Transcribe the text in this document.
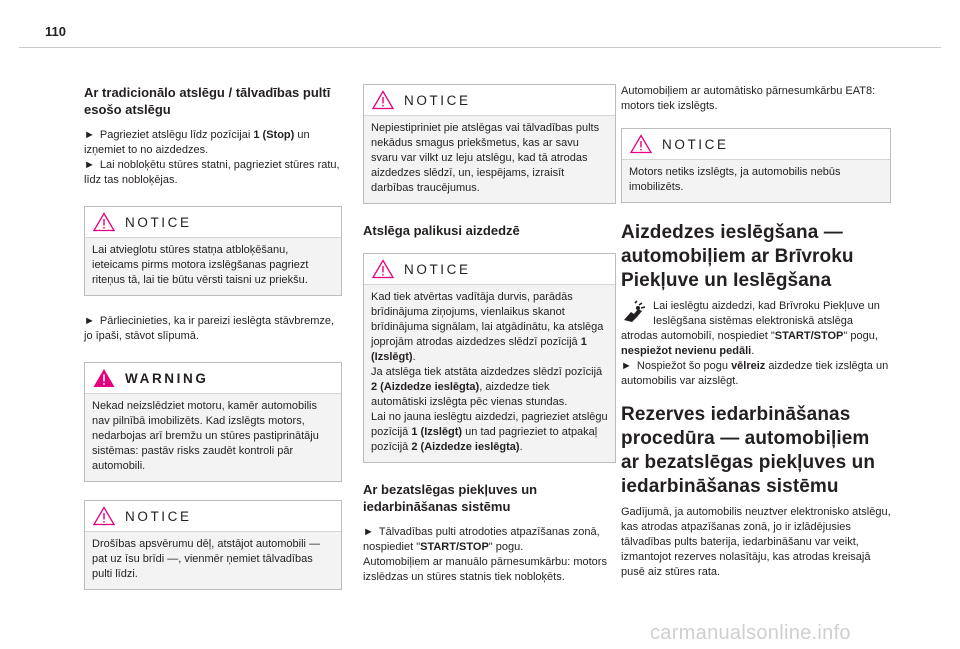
110
Ar tradicionālo atslēgu / tālvadības pultī esošo atslēgu

► Pagrieziet atslēgu līdz pozīcijai 1 (Stop) un izņemiet to no aizdedzes.

► Lai nobloķētu stūres statni, pagrieziet stūres ratu, līdz tas nobloķējas.

NOTICE

Lai atvieglotu stūres statņa atbloķēšanu, ieteicams pirms motora izslēgšanas pagriezt riteņus tā, lai tie būtu vērsti taisni uz priekšu.

► Pārliecinieties, ka ir pareizi ieslēgta stāvbremze, jo īpaši, stāvot slīpumā.

WARNING

Nekad neizslēdziet motoru, kamēr automobilis nav pilnībā imobilizēts. Kad izslēgts motors, nedarbojas arī bremžu un stūres pastiprinātāju sistēmas: pastāv risks zaudēt kontroli pār automobili.

NOTICE

Drošības apsvērumu dēļ, atstājot automobili — pat uz īsu brīdi —, vienmēr ņemiet tālvadības pulti līdzi.

NOTICE

Nepiestipriniet pie atslēgas vai tālvadības pults nekādus smagus priekšmetus, kas ar savu svaru var vilkt uz leju atslēgu, kad tā atrodas aizdedzes slēdzī, un, iespējams, izraisīt darbības traucējumus.

Atslēga palikusi aizdedzē
NOTICE

Kad tiek atvērtas vadītāja durvis, parādās brīdinājuma ziņojums, vienlaikus skanot brīdinājuma signālam, lai atgādinātu, ka atslēga joprojām atrodas aizdedzes slēdzī pozīcijā 1 (Izslēgt).

Ja atslēga tiek atstāta aizdedzes slēdzī pozīcijā 2 (Aizdedze ieslēgta), aizdedze tiek automātiski izslēgta pēc vienas stundas.

Lai no jauna ieslēgtu aizdedzi, pagrieziet atslēgu pozīcijā 1 (Izslēgt) un tad pagrieziet to atpakaļ pozīcijā 2 (Aizdedze ieslēgta).

Ar bezatslēgas piekļuves un iedarbināšanas sistēmu

► Tālvadības pulti atrodoties atpazīšanas zonā, nospiediet "START/STOP" pogu.

Automobiļiem ar manuālo pārnesumkārbu: motors izslēdzas un stūres statnis tiek nobloķēts.

Automobiļiem ar automātisko pārnesumkārbu EAT8: motors tiek izslēgts.

NOTICE

Motors netiks izslēgts, ja automobilis nebūs imobilizēts.

Aizdedzes ieslēgšana — automobiļiem ar Brīvroku Piekļuve un Ieslēgšana

Lai ieslēgtu aizdedzi, kad Brīvroku Piekļuve un Ieslēgšana sistēmas elektroniskā atslēga atrodas automobilī, nospiediet "START/STOP" pogu, nespiežot nevienu pedāli.

► Nospiežot šo pogu vēlreiz aizdedze tiek izslēgta un automobilis var aizslēgt.

Rezerves iedarbināšanas procedūra — automobiļiem ar bezatslēgas piekļuves un iedarbināšanas sistēmu

Gadījumā, ja automobilis neuztver elektronisko atslēgu, kas atrodas atpazīšanas zonā, jo ir izlādējusies tālvadības pults baterija, iedarbināšanu var veikt, izmantojot rezerves nolasītāju, kas atrodas kreisajā pusē aiz stūres rata.

carmanualsonline.info
